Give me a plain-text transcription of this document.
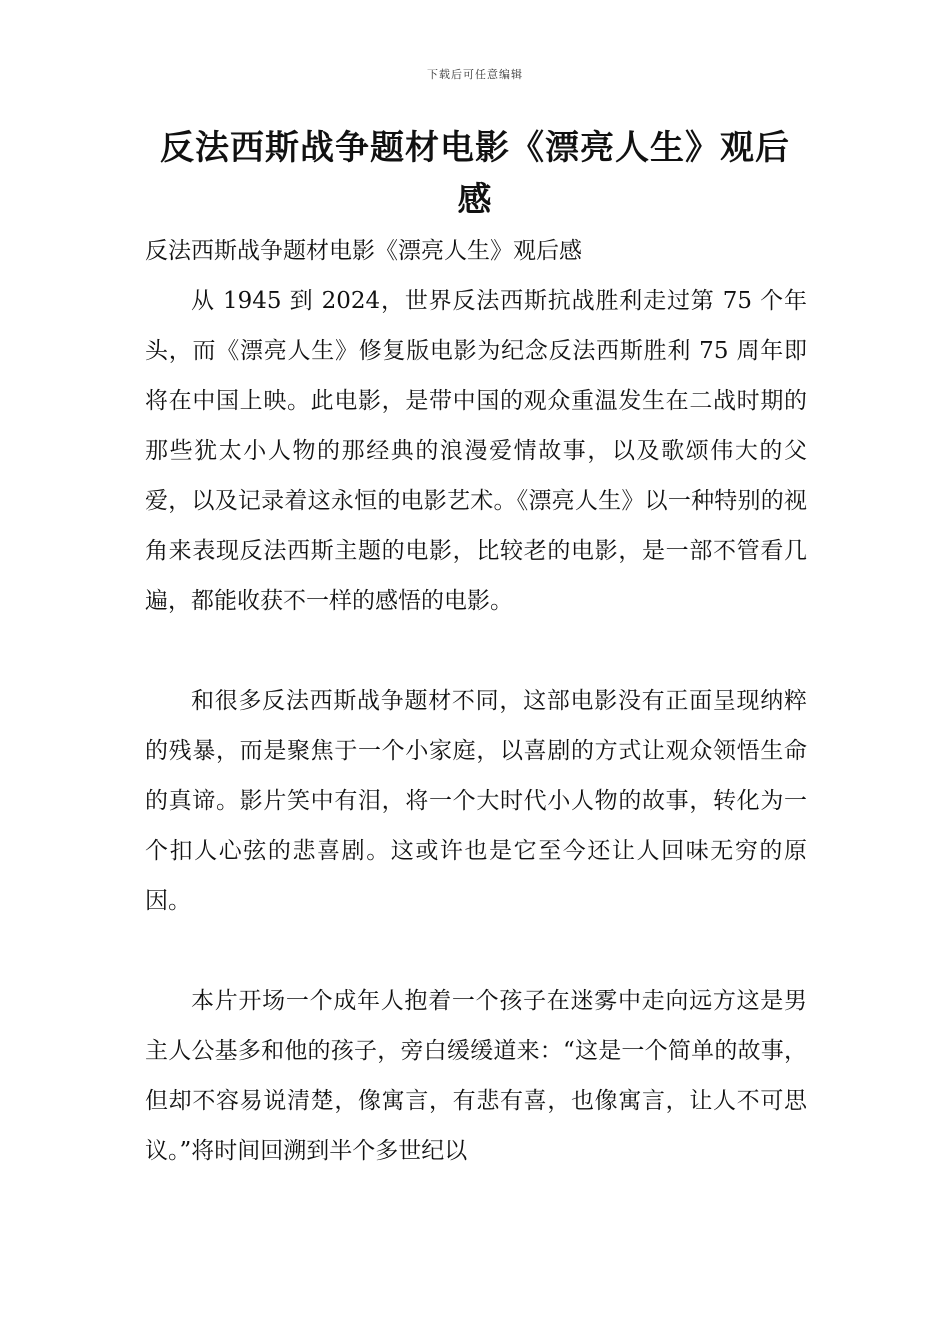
下载后可任意编辑
反法西斯战争题材电影《漂亮人生》观后感

反法西斯战争题材电影《漂亮人生》观后感

从 1945 到 2024，世界反法西斯抗战胜利走过第 75 个年头，而《漂亮人生》修复版电影为纪念反法西斯胜利 75 周年即将在中国上映。此电影，是带中国的观众重温发生在二战时期的那些犹太小人物的那经典的浪漫爱情故事，以及歌颂伟大的父爱，以及记录着这永恒的电影艺术。《漂亮人生》以一种特别的视角来表现反法西斯主题的电影，比较老的电影，是一部不管看几遍，都能收获不一样的感悟的电影。

和很多反法西斯战争题材不同，这部电影没有正面呈现纳粹的残暴，而是聚焦于一个小家庭，以喜剧的方式让观众领悟生命的真谛。影片笑中有泪，将一个大时代小人物的故事，转化为一个扣人心弦的悲喜剧。这或许也是它至今还让人回味无穷的原因。

本片开场一个成年人抱着一个孩子在迷雾中走向远方这是男主人公基多和他的孩子，旁白缓缓道来：“这是一个简单的故事，但却不容易说清楚，像寓言，有悲有喜，也像寓言，让人不可思议。”将时间回溯到半个多世纪以
